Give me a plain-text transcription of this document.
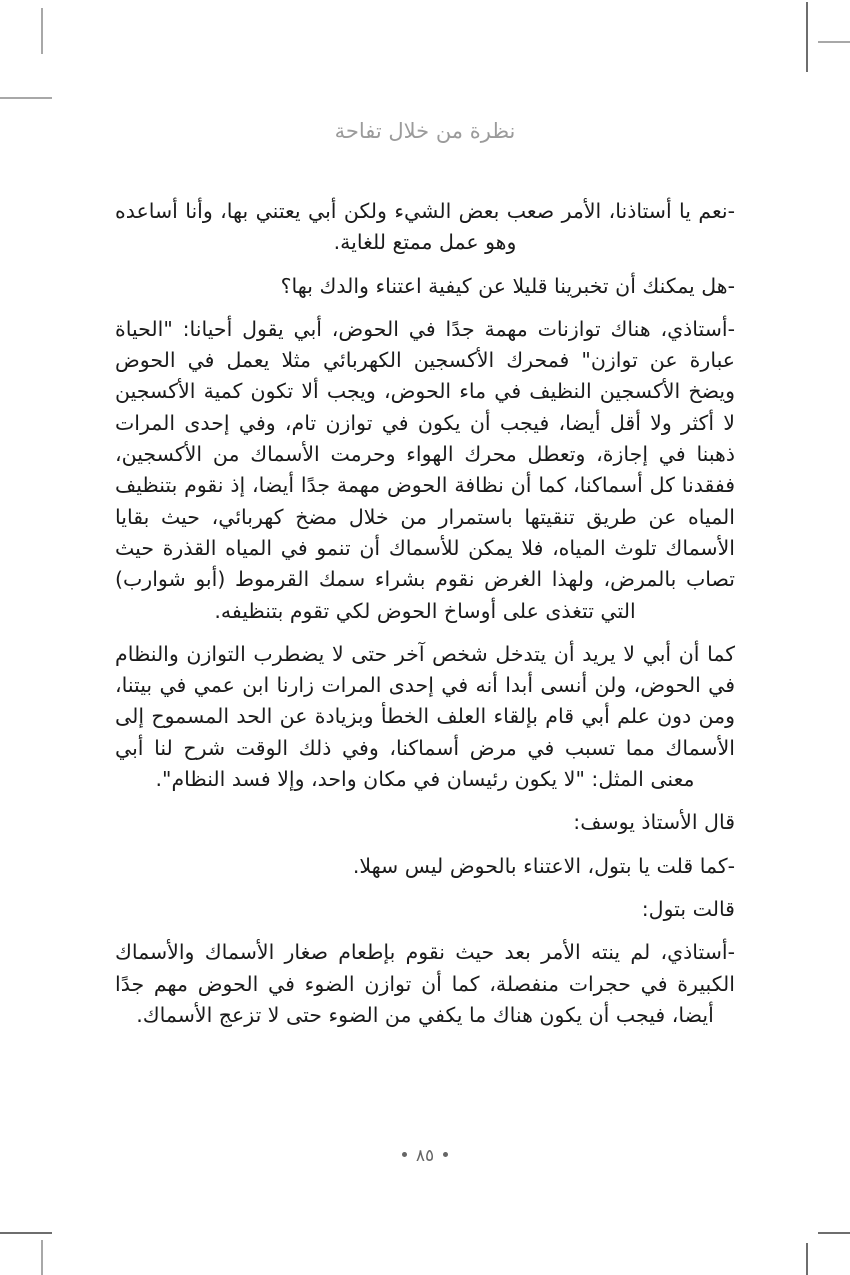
نظرة من خلال تفاحة

-نعم يا أستاذنا، الأمر صعب بعض الشيء ولكن أبي يعتني بها، وأنا أساعده وهو عمل ممتع للغاية.

-هل يمكنك أن تخبرينا قليلا عن كيفية اعتناء والدك بها؟

-أستاذي، هناك توازنات مهمة جدًا في الحوض، أبي يقول أحيانا: "الحياة عبارة عن توازن" فمحرك الأكسجين الكهربائي مثلا يعمل في الحوض ويضخ الأكسجين النظيف في ماء الحوض، ويجب ألا تكون كمية الأكسجين لا أكثر ولا أقل أيضا، فيجب أن يكون في توازن تام، وفي إحدى المرات ذهبنا في إجازة، وتعطل محرك الهواء وحرمت الأسماك من الأكسجين، ففقدنا كل أسماكنا، كما أن نظافة الحوض مهمة جدًا أيضا، إذ نقوم بتنظيف المياه عن طريق تنقيتها باستمرار من خلال مضخ كهربائي، حيث بقايا الأسماك تلوث المياه، فلا يمكن للأسماك أن تنمو في المياه القذرة حيث تصاب بالمرض، ولهذا الغرض نقوم بشراء سمك القرموط (أبو شوارب) التي تتغذى على أوساخ الحوض لكي تقوم بتنظيفه.

كما أن أبي لا يريد أن يتدخل شخص آخر حتى لا يضطرب التوازن والنظام في الحوض، ولن أنسى أبدا أنه في إحدى المرات زارنا ابن عمي في بيتنا، ومن دون علم أبي قام بإلقاء العلف الخطأ وبزيادة عن الحد المسموح إلى الأسماك مما تسبب في مرض أسماكنا، وفي ذلك الوقت شرح لنا أبي معنى المثل: "لا يكون رئيسان في مكان واحد، وإلا فسد النظام".

قال الأستاذ يوسف:

-كما قلت يا بتول، الاعتناء بالحوض ليس سهلا.

قالت بتول:

-أستاذي، لم ينته الأمر بعد حيث نقوم بإطعام صغار الأسماك والأسماك الكبيرة في حجرات منفصلة، كما أن توازن الضوء في الحوض مهم جدًا أيضا، فيجب أن يكون هناك ما يكفي من الضوء حتى لا تزعج الأسماك.

٨٥
